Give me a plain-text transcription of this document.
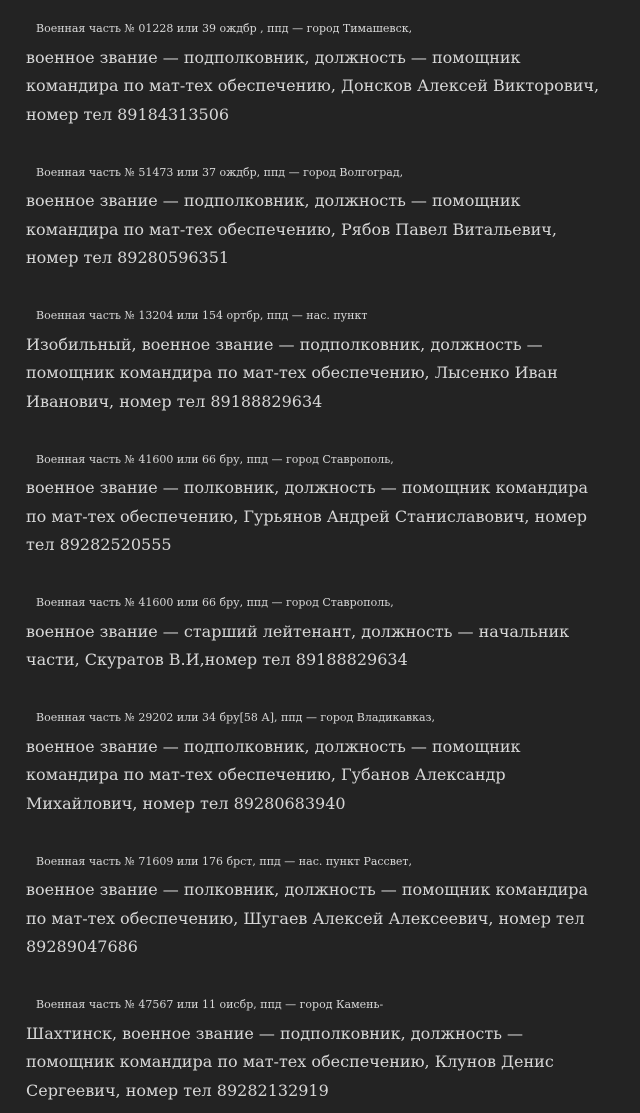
Военная часть № 01228 или 39 ождбр , ппд — город Тимашевск,
военное звание — подполковник, должность — помощник
командира по мат-тех обеспечению, Донсков Алексей Викторович,
номер тел 89184313506

Военная часть № 51473 или 37 ождбр, ппд — город Волгоград,
военное звание — подполковник, должность — помощник
командира по мат-тех обеспечению, Рябов Павел Витальевич,
номер тел 89280596351

Военная часть № 13204 или 154 ортбр, ппд — нас. пункт
Изобильный, военное звание — подполковник, должность —
помощник командира по мат-тех обеспечению, Лысенко Иван
Иванович, номер тел 89188829634

Военная часть № 41600 или 66 бру, ппд — город Ставрополь,
военное звание — полковник, должность — помощник командира
по мат-тех обеспечению, Гурьянов Андрей Станиславович, номер
тел 89282520555

Военная часть № 41600 или 66 бру, ппд — город Ставрополь,
военное звание — старший лейтенант, должность — начальник
части, Скуратов В.И,номер тел 89188829634

Военная часть № 29202 или 34 бру[58 А], ппд — город Владикавказ,
военное звание — подполковник, должность — помощник
командира по мат-тех обеспечению, Губанов Александр
Михайлович, номер тел 89280683940

Военная часть № 71609 или 176 брст, ппд — нас. пункт Рассвет,
военное звание — полковник, должность — помощник командира
по мат-тех обеспечению, Шугаев Алексей Алексеевич, номер тел
89289047686

Военная часть № 47567 или 11 оисбр, ппд — город Камень-
Шахтинск, военное звание — подполковник, должность —
помощник командира по мат-тех обеспечению, Клунов Денис
Сергеевич, номер тел 89282132919
